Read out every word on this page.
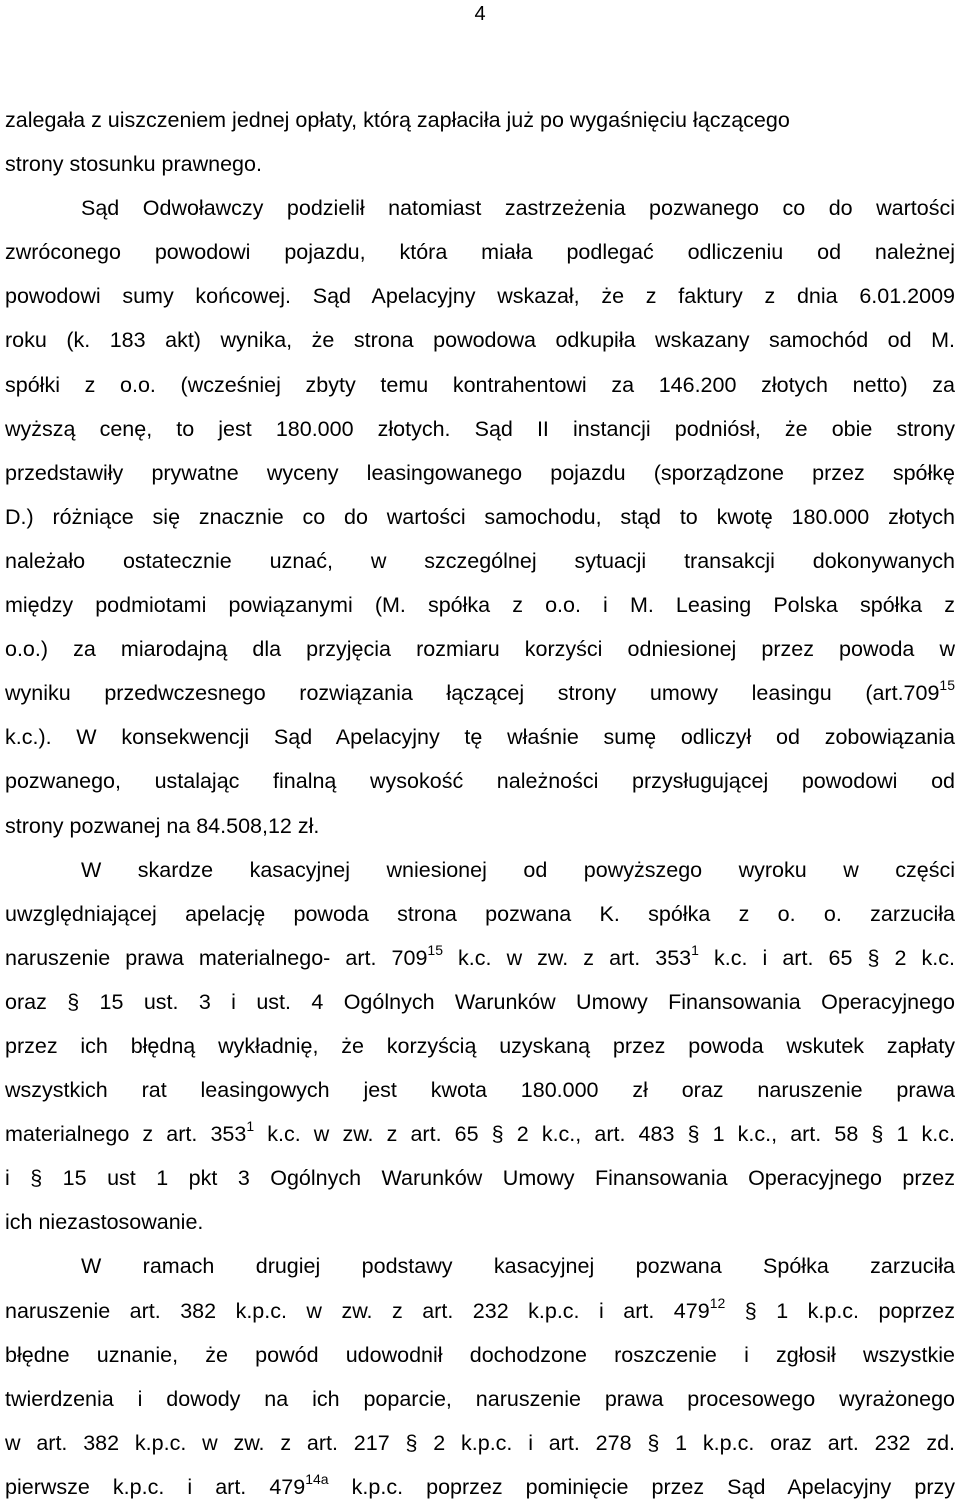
4
zalegała z uiszczeniem jednej opłaty, którą zapłaciła już po wygaśnięciu łączącego
strony stosunku prawnego.
Sąd Odwoławczy podzielił natomiast zastrzeżenia pozwanego co do wartości
zwróconego powodowi pojazdu, która miała podlegać odliczeniu od należnej
powodowi sumy końcowej. Sąd Apelacyjny wskazał, że z faktury z dnia 6.01.2009
roku (k. 183 akt) wynika, że strona powodowa odkupiła wskazany samochód od M.
spółki z o.o. (wcześniej zbyty temu kontrahentowi za 146.200 złotych netto) za
wyższą cenę, to jest 180.000 złotych. Sąd II instancji podniósł, że obie strony
przedstawiły prywatne wyceny leasingowanego pojazdu (sporządzone przez spółkę
D.) różniące się znacznie co do wartości samochodu, stąd to kwotę 180.000 złotych
należało ostatecznie uznać, w szczególnej sytuacji transakcji dokonywanych
między podmiotami powiązanymi (M. spółka z o.o. i M. Leasing Polska spółka z
o.o.) za miarodajną dla przyjęcia rozmiaru korzyści odniesionej przez powoda w
wyniku przedwczesnego rozwiązania łączącej strony umowy leasingu (art.709$^{15}$
k.c.). W konsekwencji Sąd Apelacyjny tę właśnie sumę odliczył od zobowiązania
pozwanego, ustalając finalną wysokość należności przysługującej powodowi od
strony pozwanej na 84.508,12 zł.
W skardze kasacyjnej wniesionej od powyższego wyroku w części
uwzględniającej apelację powoda strona pozwana K. spółka z o. o. zarzuciła
naruszenie prawa materialnego- art. $709^{15}$ k.c. w zw. z art. $353^1$ k.c. i art. 65 § 2 k.c.
oraz § 15 ust. 3 i ust. 4 Ogólnych Warunków Umowy Finansowania Operacyjnego
przez ich błędną wykładnię, że korzyścią uzyskaną przez powoda wskutek zapłaty
wszystkich rat leasingowych jest kwota 180.000 zł oraz naruszenie prawa
materialnego z art. $353^1$ k.c. w zw. z art. 65 § 2 k.c., art. 483 § 1 k.c., art. 58 § 1 k.c.
i § 15 ust 1 pkt 3 Ogólnych Warunków Umowy Finansowania Operacyjnego przez
ich niezastosowanie.
W ramach drugiej podstawy kasacyjnej pozwana Spółka zarzuciła
naruszenie art. 382 k.p.c. w zw. z art. 232 k.p.c. i art. $479^{12}$ § 1 k.p.c. poprzez
błędne uznanie, że powód udowodnił dochodzone roszczenie i zgłosił wszystkie
twierdzenia i dowody na ich poparcie, naruszenie prawa procesowego wyrażonego
w art. 382 k.p.c. w zw. z art. 217 § 2 k.p.c. i art. 278 § 1 k.p.c. oraz art. 232 zd.
pierwsze k.p.c. i art. $479^{14a}$ k.p.c. poprzez pominięcie przez Sąd Apelacyjny przy
